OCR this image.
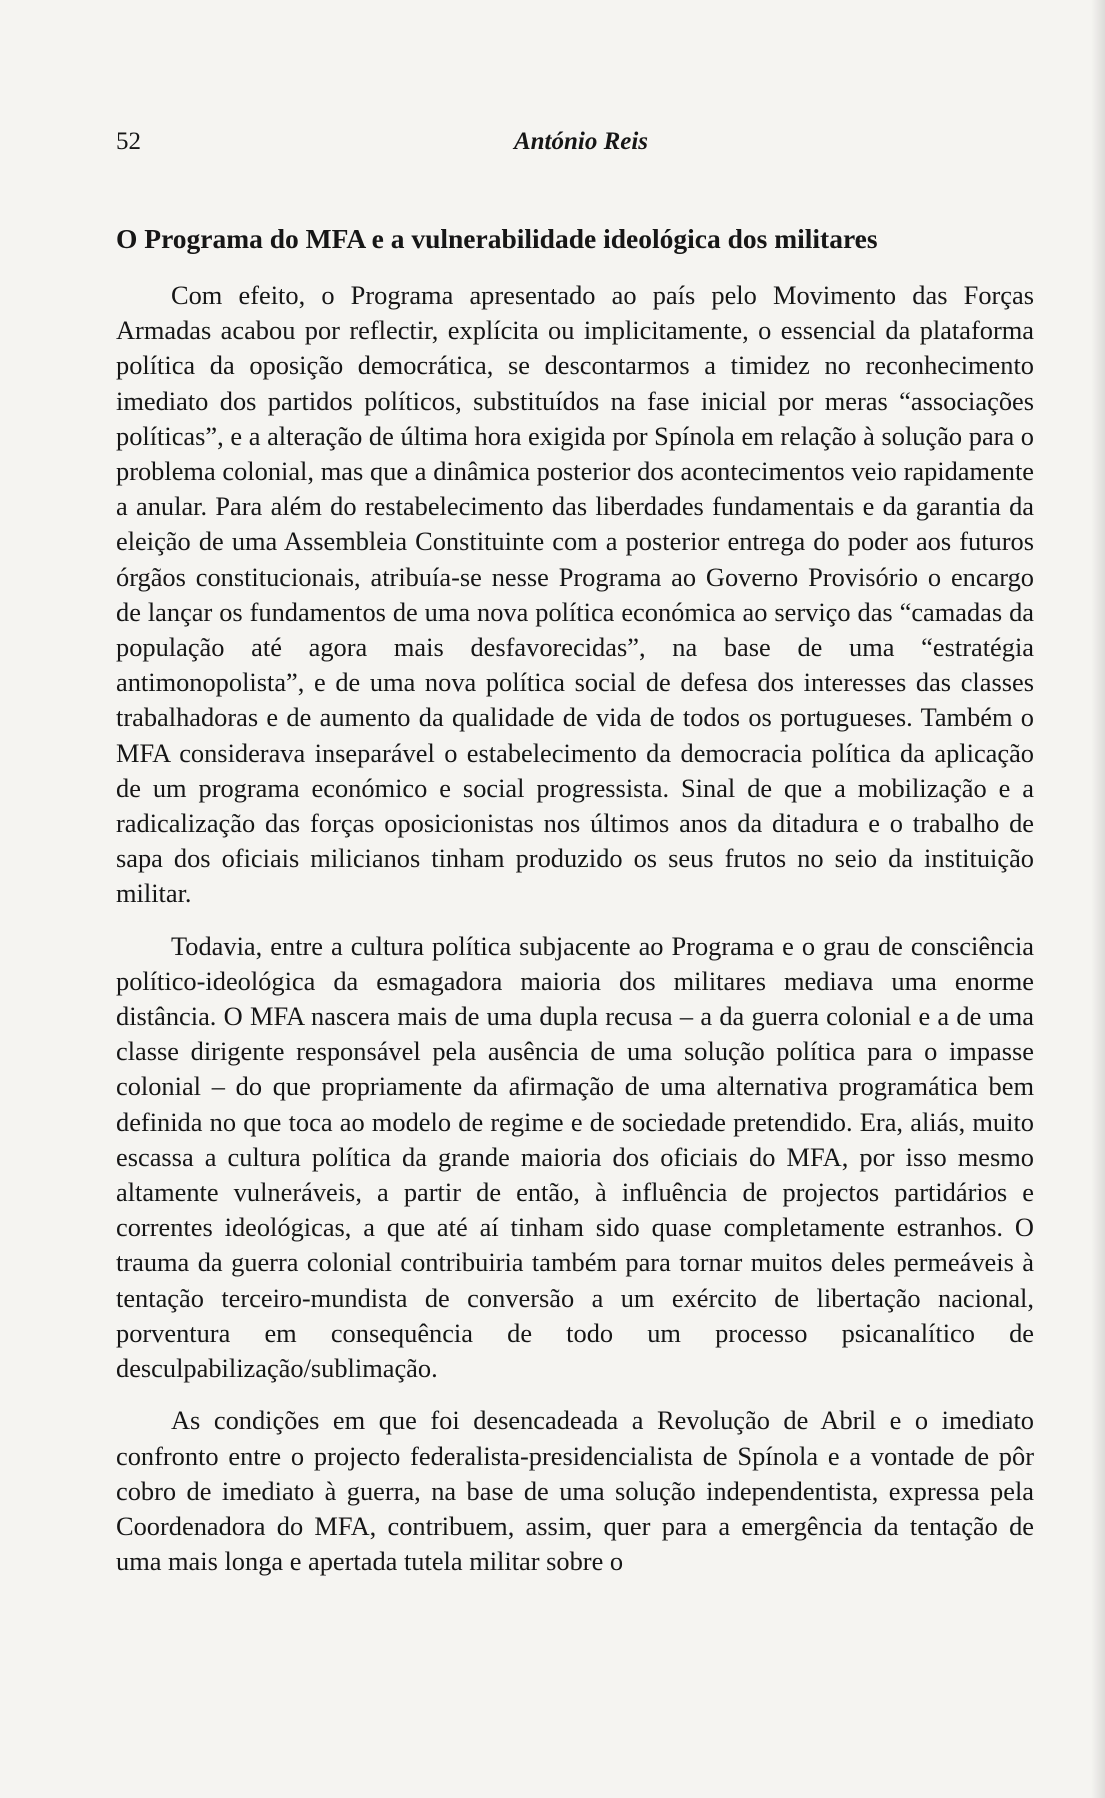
52	António Reis
O Programa do MFA e a vulnerabilidade ideológica dos militares

Com efeito, o Programa apresentado ao país pelo Movimento das Forças Armadas acabou por reflectir, explícita ou implicitamente, o essencial da plataforma política da oposição democrática, se descontarmos a timidez no reconhecimento imediato dos partidos políticos, substituídos na fase inicial por meras “associações políticas”, e a alteração de última hora exigida por Spínola em relação à solução para o problema colonial, mas que a dinâmica posterior dos acontecimentos veio rapidamente a anular. Para além do restabelecimento das liberdades fundamentais e da garantia da eleição de uma Assembleia Constituinte com a posterior entrega do poder aos futuros órgãos constitucionais, atribuía-se nesse Programa ao Governo Provisório o encargo de lançar os fundamentos de uma nova política económica ao serviço das “camadas da população até agora mais desfavorecidas”, na base de uma “estratégia antimonopolista”, e de uma nova política social de defesa dos interesses das classes trabalhadoras e de aumento da qualidade de vida de todos os portugueses. Também o MFA considerava inseparável o estabelecimento da democracia política da aplicação de um programa económico e social progressista. Sinal de que a mobilização e a radicalização das forças oposicionistas nos últimos anos da ditadura e o trabalho de sapa dos oficiais milicianos tinham produzido os seus frutos no seio da instituição militar.

Todavia, entre a cultura política subjacente ao Programa e o grau de consciência político-ideológica da esmagadora maioria dos militares mediava uma enorme distância. O MFA nascera mais de uma dupla recusa – a da guerra colonial e a de uma classe dirigente responsável pela ausência de uma solução política para o impasse colonial – do que propriamente da afirmação de uma alternativa programática bem definida no que toca ao modelo de regime e de sociedade pretendido. Era, aliás, muito escassa a cultura política da grande maioria dos oficiais do MFA, por isso mesmo altamente vulneráveis, a partir de então, à influência de projectos partidários e correntes ideológicas, a que até aí tinham sido quase completamente estranhos. O trauma da guerra colonial contribuiria também para tornar muitos deles permeáveis à tentação terceiro-mundista de conversão a um exército de libertação nacional, porventura em consequência de todo um processo psicanalítico de desculpabilização/sublimação.

As condições em que foi desencadeada a Revolução de Abril e o imediato confronto entre o projecto federalista-presidencialista de Spínola e a vontade de pôr cobro de imediato à guerra, na base de uma solução independentista, expressa pela Coordenadora do MFA, contribuem, assim, quer para a emergência da tentação de uma mais longa e apertada tutela militar sobre o
